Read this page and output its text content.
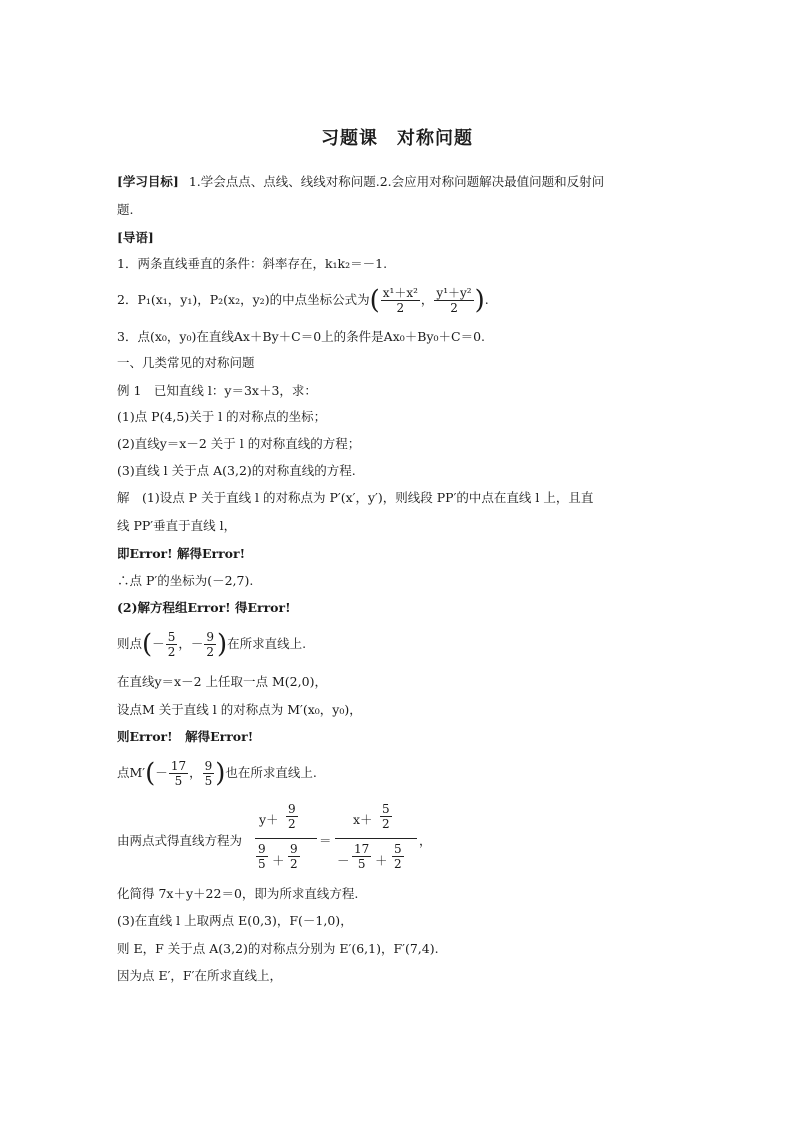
习题课　对称问题
[学习目标] 1.学会点点、点线、线线对称问题.2.会应用对称问题解决最值问题和反射问
题.
[导语]
1．两条直线垂直的条件：斜率存在，k₁k₂＝－1.
2．P₁(x₁，y₁)，P₂(x₂，y₂)的中点坐标公式为( $\frac{\text{x¹＋x²}}{2}$ ， $\frac{\text{y¹＋y²}}{2}$ ).
3．点(x₀，y₀)在直线Ax＋By＋C＝0上的条件是Ax₀＋By₀＋C＝0.
一、几类常见的对称问题
例 1　已知直线 l：y＝3x＋3，求：
(1)点 P(4,5)关于 l 的对称点的坐标；
(2)直线y＝x－2 关于 l 的对称直线的方程；
(3)直线 l 关于点 A(3,2)的对称直线的方程.
解　(1)设点 P 关于直线 l 的对称点为 P′(x′，y′)，则线段 PP′的中点在直线 l 上，且直
线 PP′垂直于直线 l，
即Error! 解得Error!
∴点 P′的坐标为(－2,7).
(2)解方程组Error! 得Error!
则点(－ $\frac{5}{2}$ ，－ $\frac{9}{2}$ )在所求直线上.
在直线y＝x－2 上任取一点 M(2,0)，
设点M 关于直线 l 的对称点为 M′(x₀，y₀)，
则Error!　解得Error!
点$M'(- \frac{17}{5}$ ， $\frac{9}{5}$ )也在所求直线上.
由两点式得直线方程为
$y+ \frac{9}{2}$
$\frac{9}{5} + \frac{9}{2}$
＝
$x+ \frac{5}{2}$
－ $\frac{17}{5} + \frac{5}{2}$
，
化简得 7x＋y＋22＝0，即为所求直线方程.
(3)在直线 l 上取两点 E(0,3)，F(－1,0)，
则 E，F 关于点 A(3,2)的对称点分别为 E′(6,1)，F′(7,4).
因为点 E′，F′在所求直线上，
